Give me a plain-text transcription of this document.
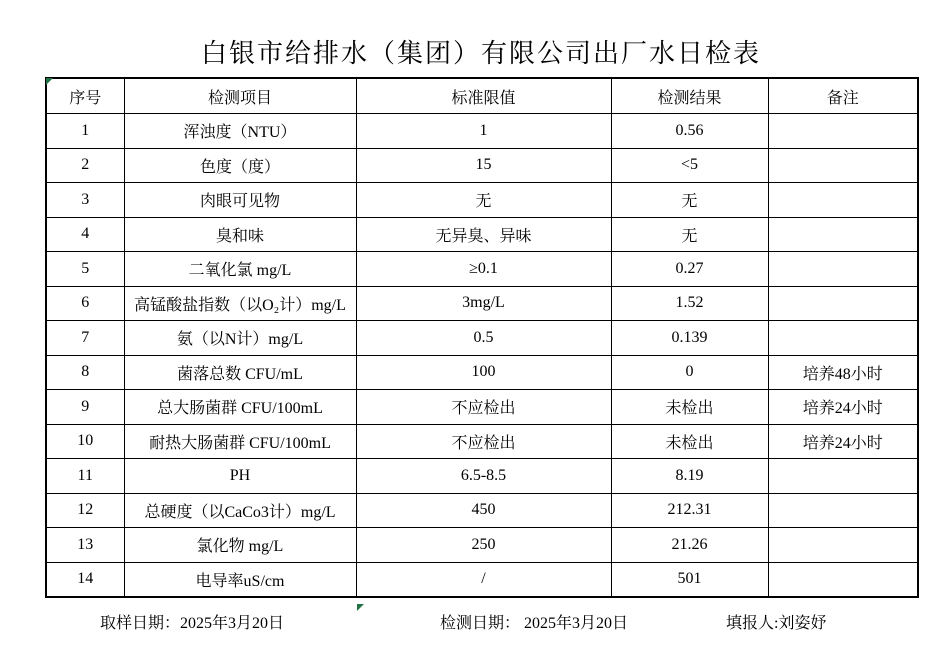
白银市给排水（集团）有限公司出厂水日检表
序号	检测项目	标准限值	检测结果	备注
1	浑浊度（NTU）	1	0.56	
2	色度（度）	15	<5	
3	肉眼可见物	无	无	
4	臭和味	无异臭、异味	无	
5	二氧化氯 mg/L	≥0.1	0.27	
6	高锰酸盐指数（以O₂计）mg/L	3mg/L	1.52	
7	氨（以N计）mg/L	0.5	0.139	
8	菌落总数 CFU/mL	100	0	培养48小时
9	总大肠菌群 CFU/100mL	不应检出	未检出	培养24小时
10	耐热大肠菌群 CFU/100mL	不应检出	未检出	培养24小时
11	PH	6.5-8.5	8.19	
12	总硬度（以CaCo3计）mg/L	450	212.31	
13	氯化物 mg/L	250	21.26	
14	电导率uS/cm	/	501	
取样日期：2025年3月20日	检测日期： 2025年3月20日	填报人:刘姿妤
